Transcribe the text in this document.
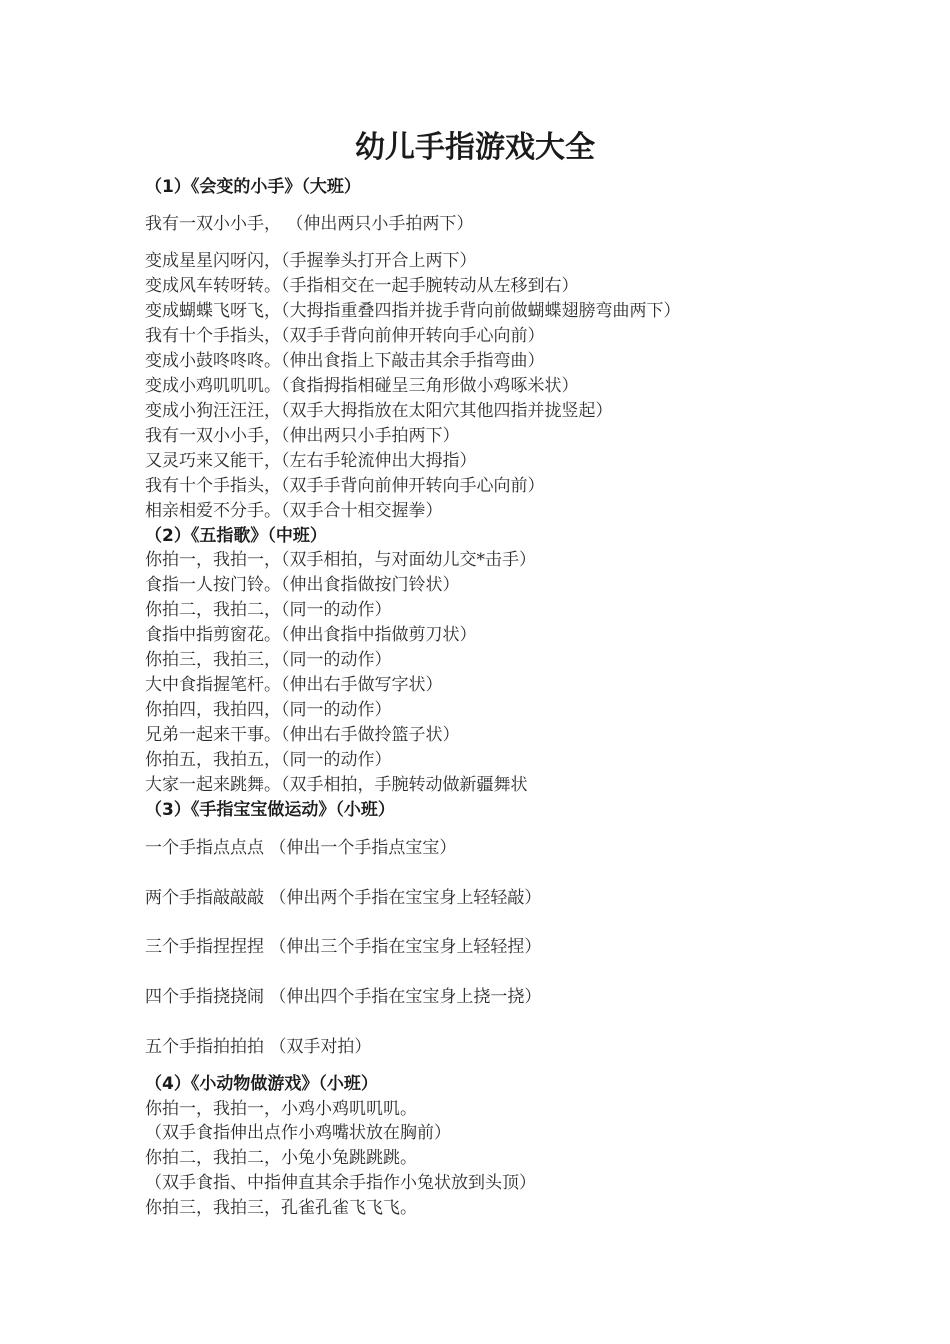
幼儿手指游戏大全
（1）《会变的小手》（大班）
我有一双小小手， （伸出两只小手拍两下）
变成星星闪呀闪，（手握拳头打开合上两下）
变成风车转呀转。（手指相交在一起手腕转动从左移到右）
变成蝴蝶飞呀飞，（大拇指重叠四指并拢手背向前做蝴蝶翅膀弯曲两下）
我有十个手指头，（双手手背向前伸开转向手心向前）
变成小鼓咚咚咚。（伸出食指上下敲击其余手指弯曲）
变成小鸡叽叽叽。（食指拇指相碰呈三角形做小鸡啄米状）
变成小狗汪汪汪，（双手大拇指放在太阳穴其他四指并拢竖起）
我有一双小小手，（伸出两只小手拍两下）
又灵巧来又能干，（左右手轮流伸出大拇指）
我有十个手指头，（双手手背向前伸开转向手心向前）
相亲相爱不分手。（双手合十相交握拳）
（2）《五指歌》（中班）
你拍一，我拍一，（双手相拍，与对面幼儿交*击手）
食指一人按门铃。（伸出食指做按门铃状）
你拍二，我拍二，（同一的动作）
食指中指剪窗花。（伸出食指中指做剪刀状）
你拍三，我拍三，（同一的动作）
大中食指握笔杆。（伸出右手做写字状）
你拍四，我拍四，（同一的动作）
兄弟一起来干事。（伸出右手做拎篮子状）
你拍五，我拍五，（同一的动作）
大家一起来跳舞。（双手相拍，手腕转动做新疆舞状
（3）《手指宝宝做运动》（小班）
一个手指点点点 （伸出一个手指点宝宝）
两个手指敲敲敲 （伸出两个手指在宝宝身上轻轻敲）
三个手指捏捏捏 （伸出三个手指在宝宝身上轻轻捏）
四个手指挠挠闹 （伸出四个手指在宝宝身上挠一挠）
五个手指拍拍拍 （双手对拍）
（4）《小动物做游戏》（小班）
你拍一，我拍一，小鸡小鸡叽叽叽。
（双手食指伸出点作小鸡嘴状放在胸前）
你拍二，我拍二，小兔小兔跳跳跳。
（双手食指、中指伸直其余手指作小兔状放到头顶）
你拍三，我拍三，孔雀孔雀飞飞飞。
